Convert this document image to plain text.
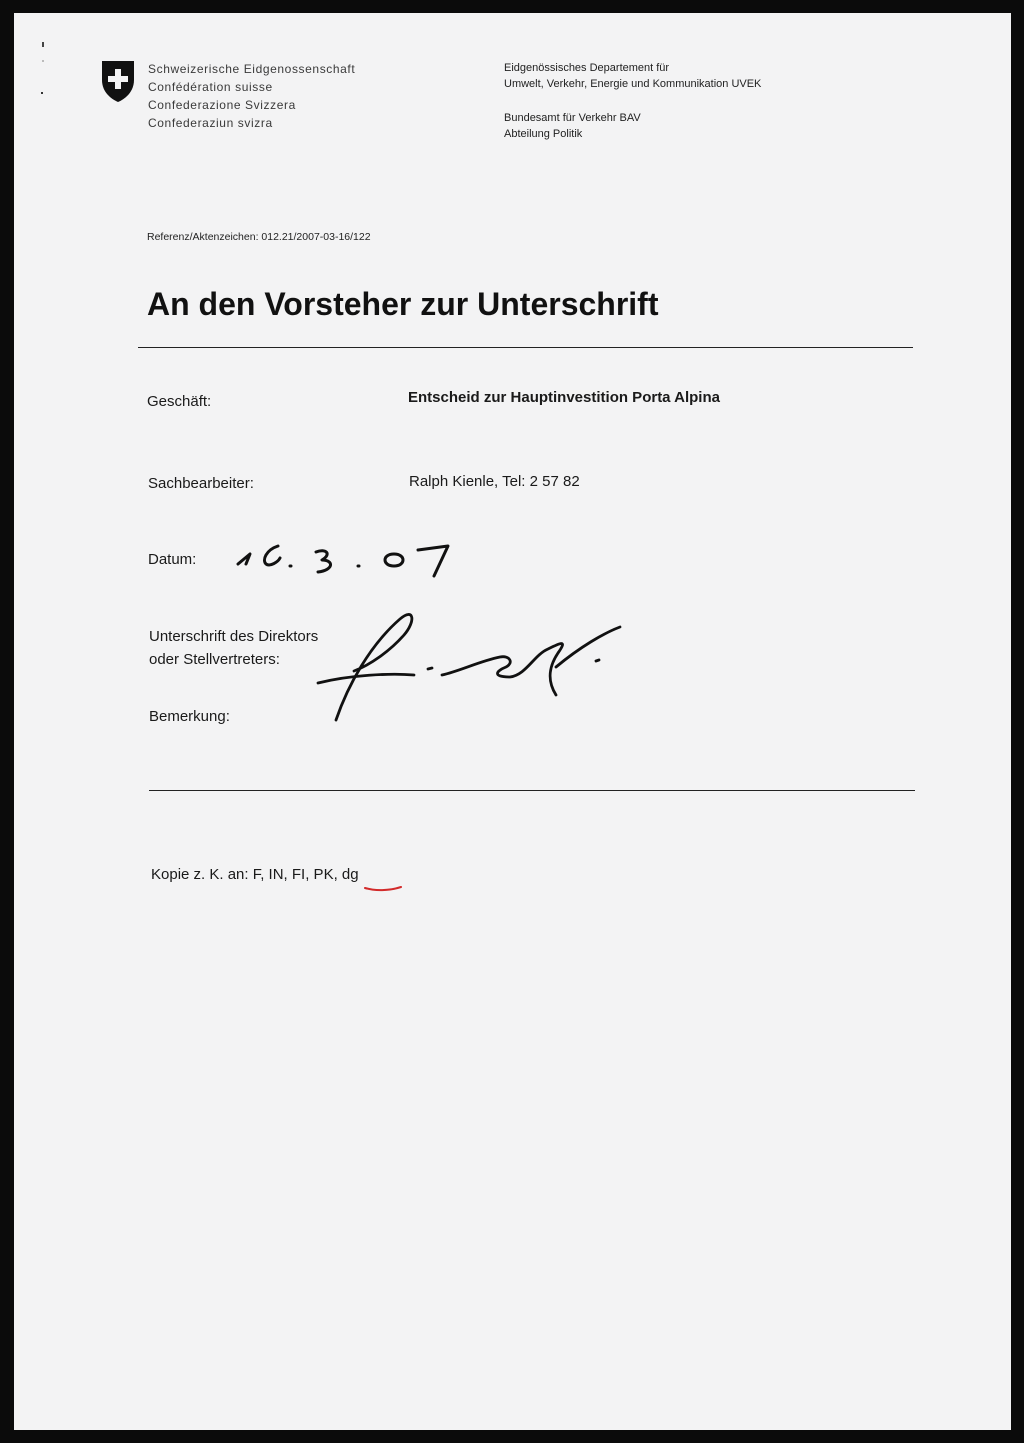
Schweizerische Eidgenossenschaft
Confédération suisse
Confederazione Svizzera
Confederaziun svizra
Eidgenössisches Departement für
Umwelt, Verkehr, Energie und Kommunikation UVEK
Bundesamt für Verkehr BAV
Abteilung Politik
Referenz/Aktenzeichen: 012.21/2007-03-16/122
An den Vorsteher zur Unterschrift
Geschäft:	Entscheid zur Hauptinvestition Porta Alpina
Sachbearbeiter:	Ralph Kienle, Tel: 2 57 82
Datum:
Unterschrift des Direktors
oder Stellvertreters:
Bemerkung:
Kopie z. K. an: F, IN, FI, PK, dg
